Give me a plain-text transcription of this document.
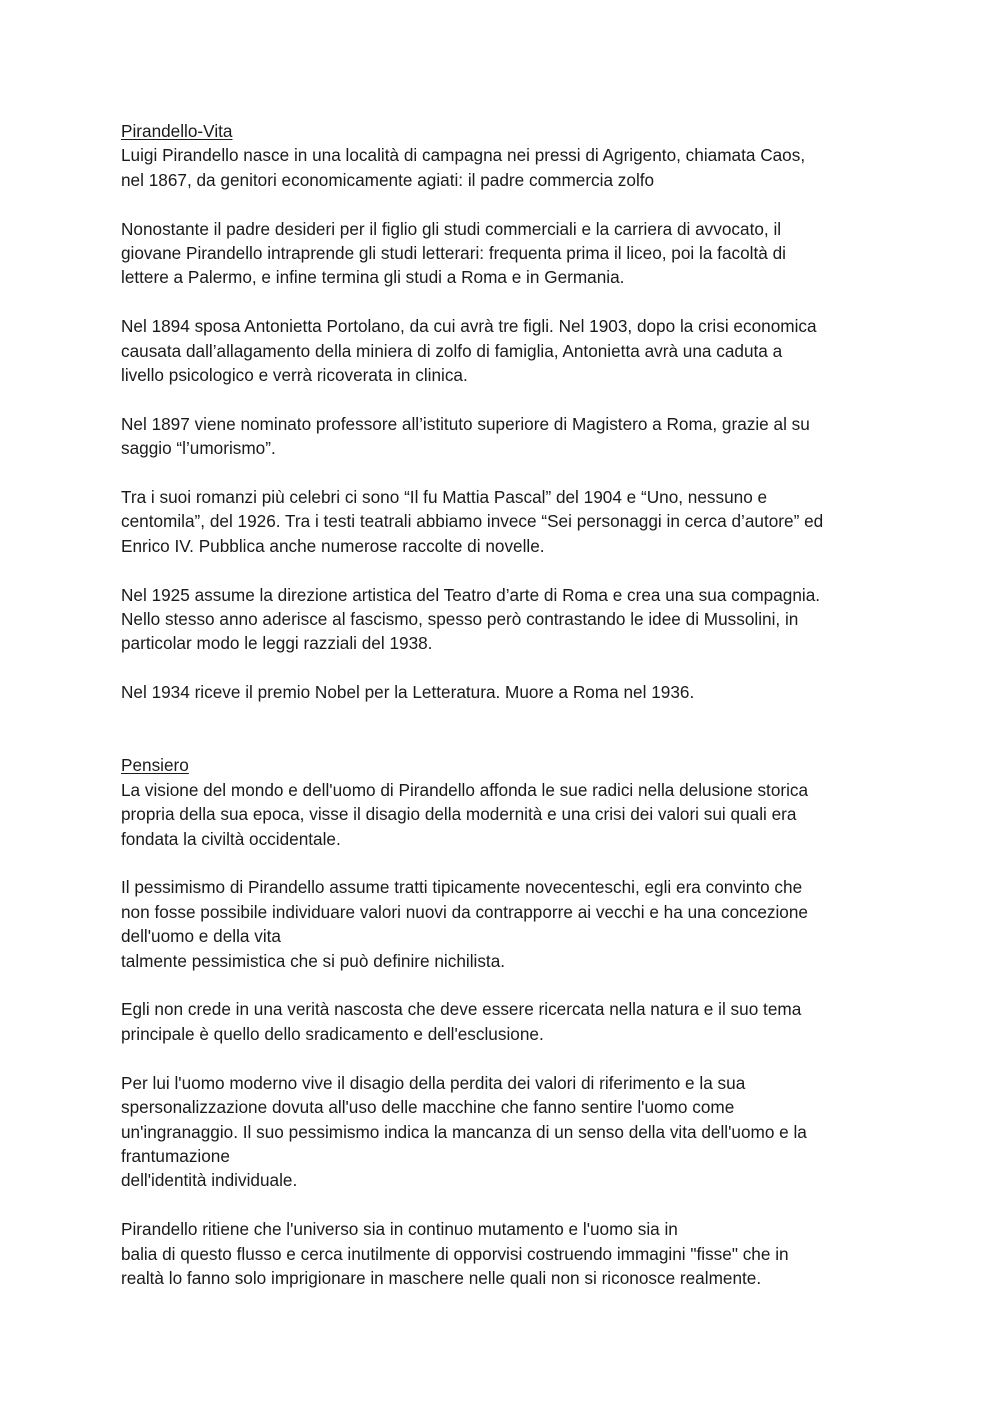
Pirandello-Vita
Luigi Pirandello nasce in una località di campagna nei pressi di Agrigento, chiamata Caos,
nel 1867, da genitori economicamente agiati: il padre commercia zolfo
Nonostante il padre desideri per il figlio gli studi commerciali e la carriera di avvocato, il
giovane Pirandello intraprende gli studi letterari: frequenta prima il liceo, poi la facoltà di
lettere a Palermo, e infine termina gli studi a Roma e in Germania.
Nel 1894 sposa Antonietta Portolano, da cui avrà tre figli. Nel 1903, dopo la crisi economica
causata dall’allagamento della miniera di zolfo di famiglia, Antonietta avrà una caduta a
livello psicologico e verrà ricoverata in clinica.
Nel 1897 viene nominato professore all’istituto superiore di Magistero a Roma, grazie al su
saggio “l’umorismo”.
Tra i suoi romanzi più celebri ci sono “Il fu Mattia Pascal” del 1904 e “Uno, nessuno e
centomila”, del 1926. Tra i testi teatrali abbiamo invece “Sei personaggi in cerca d’autore” ed
Enrico IV. Pubblica anche numerose raccolte di novelle.
Nel 1925 assume la direzione artistica del Teatro d’arte di Roma e crea una sua compagnia.
Nello stesso anno aderisce al fascismo, spesso però contrastando le idee di Mussolini, in
particolar modo le leggi razziali del 1938.
Nel 1934 riceve il premio Nobel per la Letteratura. Muore a Roma nel 1936.
Pensiero
La visione del mondo e dell'uomo di Pirandello affonda le sue radici nella delusione storica
propria della sua epoca, visse il disagio della modernità e una crisi dei valori sui quali era
fondata la civiltà occidentale.
Il pessimismo di Pirandello assume tratti tipicamente novecenteschi, egli era convinto che
non fosse possibile individuare valori nuovi da contrapporre ai vecchi e ha una concezione
dell'uomo e della vita
talmente pessimistica che si può definire nichilista.
Egli non crede in una verità nascosta che deve essere ricercata nella natura e il suo tema
principale è quello dello sradicamento e dell'esclusione.
Per lui l'uomo moderno vive il disagio della perdita dei valori di riferimento e la sua
spersonalizzazione dovuta all'uso delle macchine che fanno sentire l'uomo come
un'ingranaggio. Il suo pessimismo indica la mancanza di un senso della vita dell'uomo e la
frantumazione
dell'identità individuale.
Pirandello ritiene che l'universo sia in continuo mutamento e l'uomo sia in
balia di questo flusso e cerca inutilmente di opporvisi costruendo immagini "fisse" che in
realtà lo fanno solo imprigionare in maschere nelle quali non si riconosce realmente.
